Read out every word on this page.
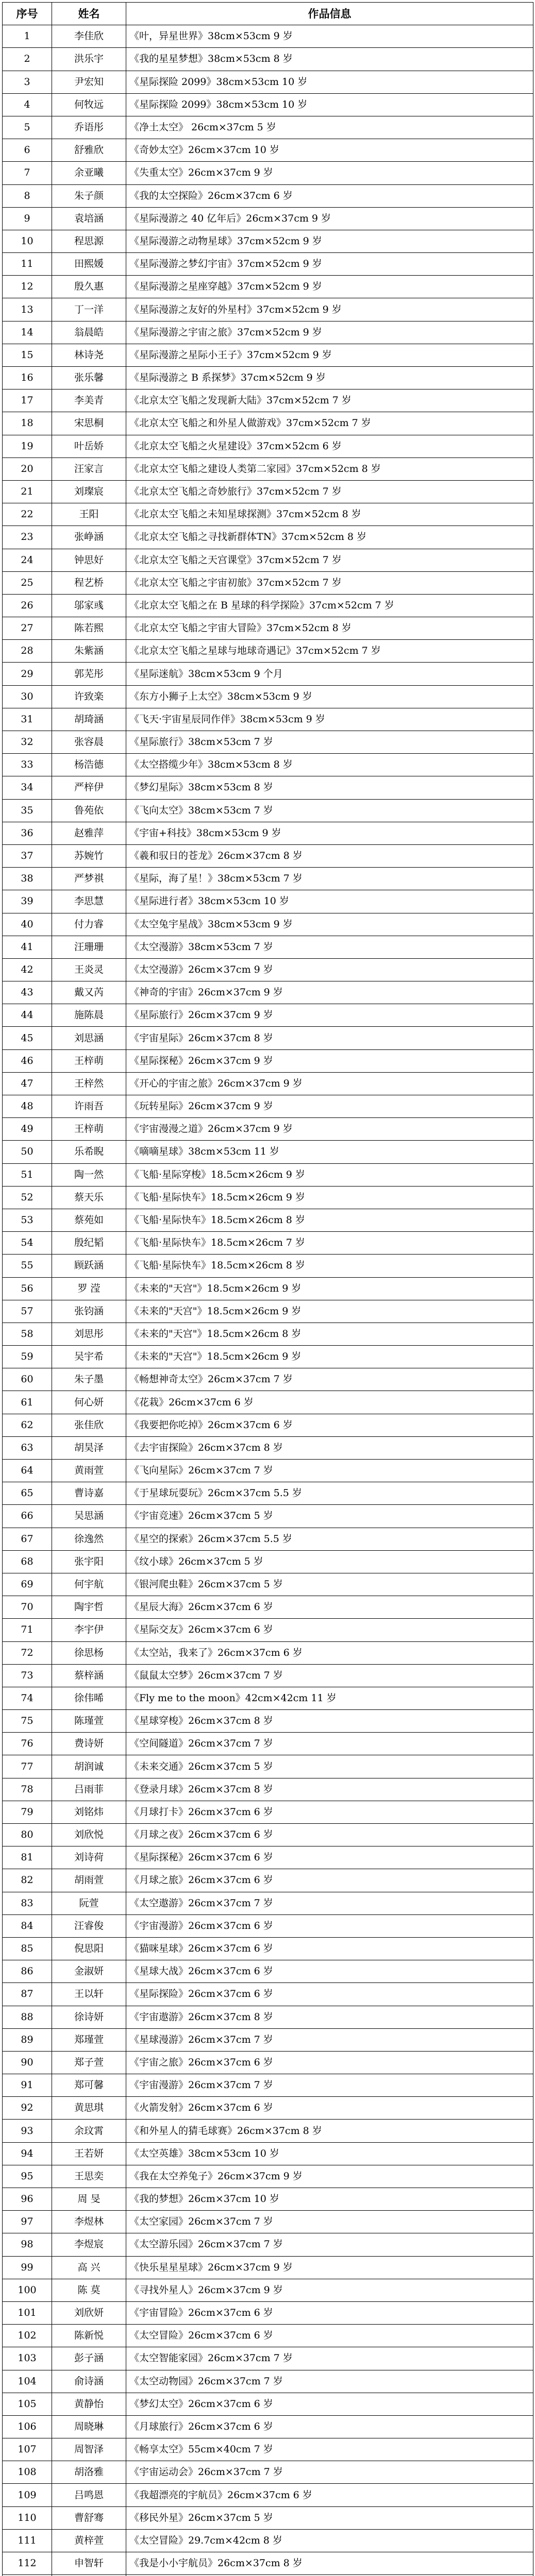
序号	姓名	作品信息
1	李佳欣	《叶，异星世界》38cm×53cm 9 岁
2	洪乐宇	《我的星星梦想》38cm×53cm 8 岁
3	尹宏知	《星际探险 2099》38cm×53cm 10 岁
4	何牧远	《星际探险 2099》38cm×53cm 10 岁
5	乔语彤	《净土太空》 26cm×37cm 5 岁
6	舒雅欣	《奇妙太空》26cm×37cm 10 岁
7	余亚曦	《失重太空》26cm×37cm 9 岁
8	朱子颜	《我的太空探险》26cm×37cm 6 岁
9	袁培涵	《星际漫游之 40 亿年后》26cm×37cm 9 岁
10	程思源	《星际漫游之动物星球》37cm×52cm 9 岁
11	田熙媛	《星际漫游之梦幻宇宙》37cm×52cm 9 岁
12	殷久惠	《星际漫游之星座穿越》37cm×52cm 9 岁
13	丁一洋	《星际漫游之友好的外星村》37cm×52cm 9 岁
14	翁晨皓	《星际漫游之宇宙之旅》37cm×52cm 9 岁
15	林诗尧	《星际漫游之星际小王子》37cm×52cm 9 岁
16	张乐馨	《星际漫游之 B 系探梦》37cm×52cm 9 岁
17	李美青	《北京太空飞船之发现新大陆》37cm×52cm 7 岁
18	宋思桐	《北京太空飞船之和外星人做游戏》37cm×52cm 7 岁
19	叶岳娇	《北京太空飞船之火星建设》37cm×52cm 6 岁
20	汪家言	《北京太空飞船之建设人类第二家园》37cm×52cm 8 岁
21	刘璨宸	《北京太空飞船之奇妙旅行》37cm×52cm 7 岁
22	王阳	《北京太空飞船之未知星球探测》37cm×52cm 8 岁
23	张峥涵	《北京太空飞船之寻找新群体TN》37cm×52cm 8 岁
24	钟思好	《北京太空飞船之天宫课堂》37cm×52cm 7 岁
25	程艺桥	《北京太空飞船之宇宙初旅》37cm×52cm 7 岁
26	邬家彧	《北京太空飞船之在 B 星球的科学探险》37cm×52cm 7 岁
27	陈若熙	《北京太空飞船之宇宙大冒险》37cm×52cm 8 岁
28	朱紫涵	《北京太空飞船之星球与地球奇遇记》37cm×52cm 7 岁
29	郭芜彤	《星际迷航》38cm×53cm 9 个月
30	许致楽	《东方小狮子上太空》38cm×53cm 9 岁
31	胡琦涵	《飞天·宇宙星辰同作伴》38cm×53cm 9 岁
32	张容晨	《星际旅行》38cm×53cm 7 岁
33	杨浩德	《太空搭缆少年》38cm×53cm 8 岁
34	严梓伊	《梦幻星际》38cm×53cm 8 岁
35	鲁苑依	《飞向太空》38cm×53cm 7 岁
36	赵雅萍	《宇宙+科技》38cm×53cm 9 岁
37	苏婉竹	《羲和驭日的苍龙》26cm×37cm 8 岁
38	严梦祺	《星际，海了星！》38cm×53cm 7 岁
39	李思慧	《星际进行者》38cm×53cm 10 岁
40	付力睿	《太空兔宇星战》38cm×53cm 9 岁
41	汪珊珊	《太空漫游》38cm×53cm 7 岁
42	王炎灵	《太空漫游》26cm×37cm 9 岁
43	戴又芮	《神奇的宇宙》26cm×37cm 9 岁
44	施陈晨	《星际旅行》26cm×37cm 9 岁
45	刘思涵	《宇宙星际》26cm×37cm 8 岁
46	王梓萌	《星际探秘》26cm×37cm 9 岁
47	王梓然	《开心的宇宙之旅》26cm×37cm 9 岁
48	许雨吾	《玩转星际》26cm×37cm 9 岁
49	王梓萌	《宇宙漫漫之道》26cm×37cm 9 岁
50	乐希睨	《嘀嘀星球》38cm×53cm 11 岁
51	陶一然	《飞船·星际穿梭》18.5cm×26cm 9 岁
52	蔡天乐	《飞船·星际快车》18.5cm×26cm 9 岁
53	蔡苑如	《飞船·星际快车》18.5cm×26cm 8 岁
54	殷纪韬	《飞船·星际快车》18.5cm×26cm 7 岁
55	顾跃涵	《飞船·星际快车》18.5cm×26cm 8 岁
56	罗 滢	《未来的"天宫"》18.5cm×26cm 9 岁
57	张钧涵	《未来的"天宫"》18.5cm×26cm 9 岁
58	刘思彤	《未来的"天宫"》18.5cm×26cm 8 岁
59	吴宇希	《未来的"天宫"》18.5cm×26cm 9 岁
60	朱子墨	《畅想神奇太空》26cm×37cm 7 岁
61	何心妍	《花栽》26cm×37cm 6 岁
62	张佳欣	《我要把你吃掉》26cm×37cm 6 岁
63	胡昊泽	《去宇宙探险》26cm×37cm 8 岁
64	黄雨萱	《飞向星际》26cm×37cm 7 岁
65	曹诗嘉	《于星球玩耍玩》26cm×37cm 5.5 岁
66	吴思涵	《宇宙竞速》26cm×37cm 5 岁
67	徐逸然	《星空的探索》26cm×37cm 5.5 岁
68	张宇阳	《纹小球》26cm×37cm 5 岁
69	何宇航	《银河爬虫鞋》26cm×37cm 5 岁
70	陶宇哲	《星辰大海》26cm×37cm 6 岁
71	李宇伊	《星际交友》26cm×37cm 6 岁
72	徐思杨	《太空站，我来了》26cm×37cm 6 岁
73	蔡梓涵	《鼠鼠太空梦》26cm×37cm 7 岁
74	徐伟晞	《Fly me to the moon》42cm×42cm 11 岁
75	陈瑾萱	《星球穿梭》26cm×37cm 8 岁
76	费诗妍	《空间隧道》26cm×37cm 7 岁
77	胡润诚	《未来交通》26cm×37cm 5 岁
78	吕雨菲	《登录月球》26cm×37cm 8 岁
79	刘铭炜	《月球打卡》26cm×37cm 6 岁
80	刘欣悦	《月球之夜》26cm×37cm 6 岁
81	刘诗荷	《星际探秘》26cm×37cm 6 岁
82	胡雨萱	《月球之旅》26cm×37cm 6 岁
83	阮萱	《太空遨游》26cm×37cm 7 岁
84	汪睿俊	《宇宙漫游》26cm×37cm 6 岁
85	倪思阳	《猫咪星球》26cm×37cm 6 岁
86	金淑妍	《星球大战》26cm×37cm 6 岁
87	王以轩	《星际探险》26cm×37cm 6 岁
88	徐诗妍	《宇宙遨游》26cm×37cm 8 岁
89	郑瑾萱	《星球漫游》26cm×37cm 7 岁
90	郑子萱	《宇宙之旅》26cm×37cm 6 岁
91	郑可馨	《宇宙漫游》26cm×37cm 7 岁
92	黄思琪	《火箭发射》26cm×37cm 6 岁
93	余玟霄	《和外星人的猜毛球赛》26cm×37cm 8 岁
94	王若妍	《太空英雄》38cm×53cm 10 岁
95	王思奕	《我在太空养兔子》26cm×37cm 9 岁
96	周 旻	《我的梦想》26cm×37cm 10 岁
97	李煜林	《太空家园》26cm×37cm 7 岁
98	李煜宸	《太空游乐园》26cm×37cm 7 岁
99	高 兴	《快乐星星星球》26cm×37cm 9 岁
100	陈 莫	《寻找外星人》26cm×37cm 9 岁
101	刘欣妍	《宇宙冒险》26cm×37cm 6 岁
102	陈新悦	《太空冒险》26cm×37cm 6 岁
103	彭子涵	《太空智能家园》26cm×37cm 7 岁
104	俞诗涵	《太空动物园》26cm×37cm 7 岁
105	黄静怡	《梦幻太空》26cm×37cm 6 岁
106	周晓琳	《月球旅行》26cm×37cm 6 岁
107	周智泽	《畅享太空》55cm×40cm 7 岁
108	胡洛雅	《宇宙运动会》26cm×37cm 7 岁
109	吕鸣恩	《我超漂亮的宇航员》26cm×37cm 6 岁
110	曹舒骞	《移民外星》26cm×37cm 5 岁
111	黄梓萱	《太空冒险》29.7cm×42cm 8 岁
112	申智轩	《我是小小宇航员》26cm×37cm 8 岁
